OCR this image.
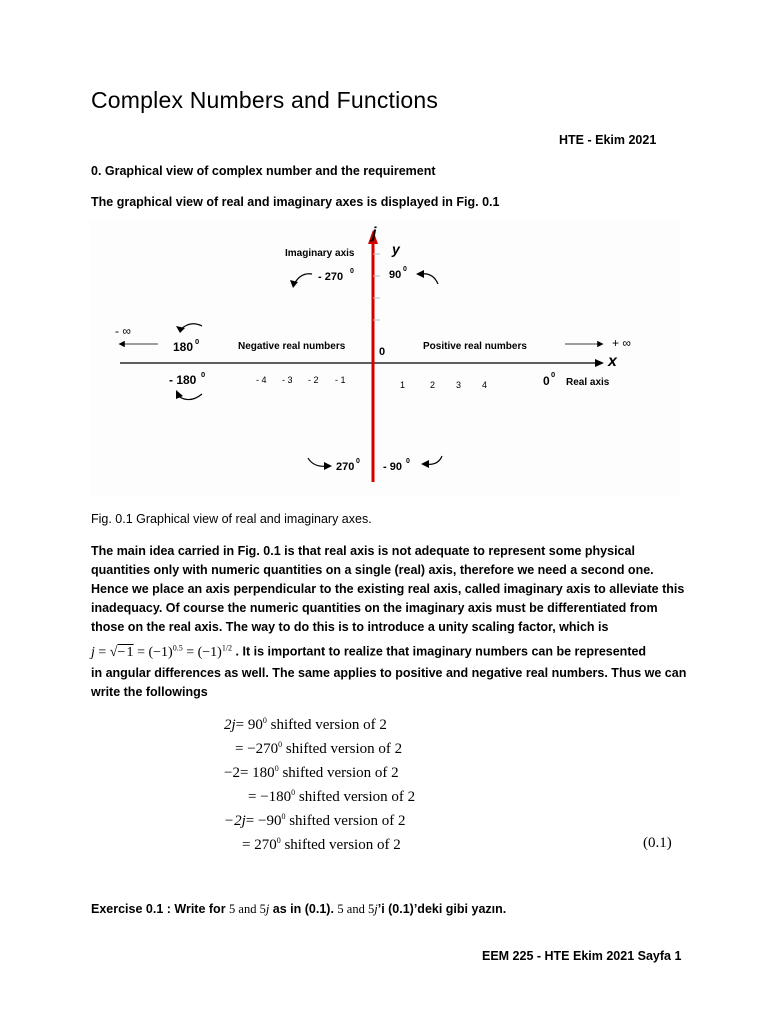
Complex Numbers and Functions
HTE - Ekim 2021
0. Graphical view of complex number and the requirement
The graphical view of real and imaginary axes is displayed in Fig. 0.1
j
y
Imaginary axis
- 270 0	90 0
- ∞
180 0	Negative real numbers	0	Positive real numbers	+ ∞
x
- 180 0
- 4 - 3 - 2 - 1	1	2 3 4	0 0
Real axis
270 0 - 90 0
Fig. 0.1 Graphical view of real and imaginary axes.

The main idea carried in Fig. 0.1 is that real axis is not adequate to represent some physical

quantities only with numeric quantities on a single (real) axis, therefore we need a second one.

Hence we place an axis perpendicular to the existing real axis, called imaginary axis to alleviate this

inadequacy. Of course the numeric quantities on the imaginary axis must be differentiated from

those on the real axis. The way to do this is to introduce a unity scaling factor, which is

j = √− $1 = (-1)^{0.5} = (-1)^{1/2}$ . It is important to realize that imaginary numbers can be represented

in angular differences as well. The same applies to positive and negative real numbers. Thus we can

write the followings

$2j= 90^0$ shifted version of 2
= $-270^0$ shifted version of 2
$-2= 180^0$ shifted version of 2
= $-180^0$ shifted version of 2
$-2j= -90^0$ shifted version of 2
= $270^0$ shifted version of 2	(0.1)
Exercise 0.1 : Write for 5 and 5j as in (0.1). 5 and 5j’i (0.1)’deki gibi yazın.
EEM 225 - HTE Ekim 2021 Sayfa 1
